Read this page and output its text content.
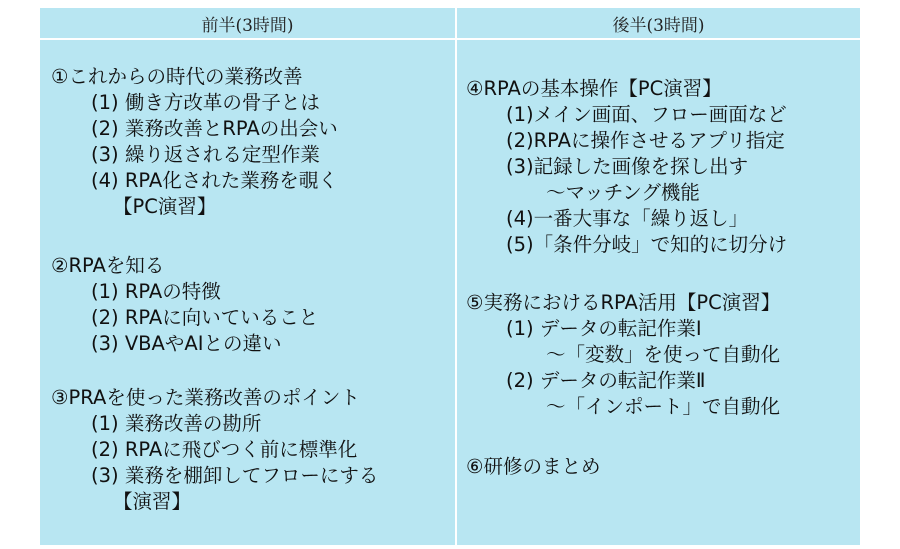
前半(3時間)	後半(3時間)
①これからの時代の業務改善
(1) 働き方改革の骨子とは
(2) 業務改善とRPAの出会い
(3) 繰り返される定型作業
(4) RPA化された業務を覗く
【PC演習】
②RPAを知る
(1) RPAの特徴
(2) RPAに向いていること
(3) VBAやAIとの違い
③PRAを使った業務改善のポイント
(1) 業務改善の勘所
(2) RPAに飛びつく前に標準化
(3) 業務を棚卸してフローにする
【演習】
④RPAの基本操作【PC演習】
(1)メイン画面、フロー画面など
(2)RPAに操作させるアプリ指定
(3)記録した画像を探し出す
～マッチング機能
(4)一番大事な「繰り返し」
(5)「条件分岐」で知的に切分け
⑤実務におけるRPA活用【PC演習】
(1) データの転記作業Ⅰ
～「変数」を使って自動化
(2) データの転記作業Ⅱ
～「インポート」で自動化
⑥研修のまとめ
